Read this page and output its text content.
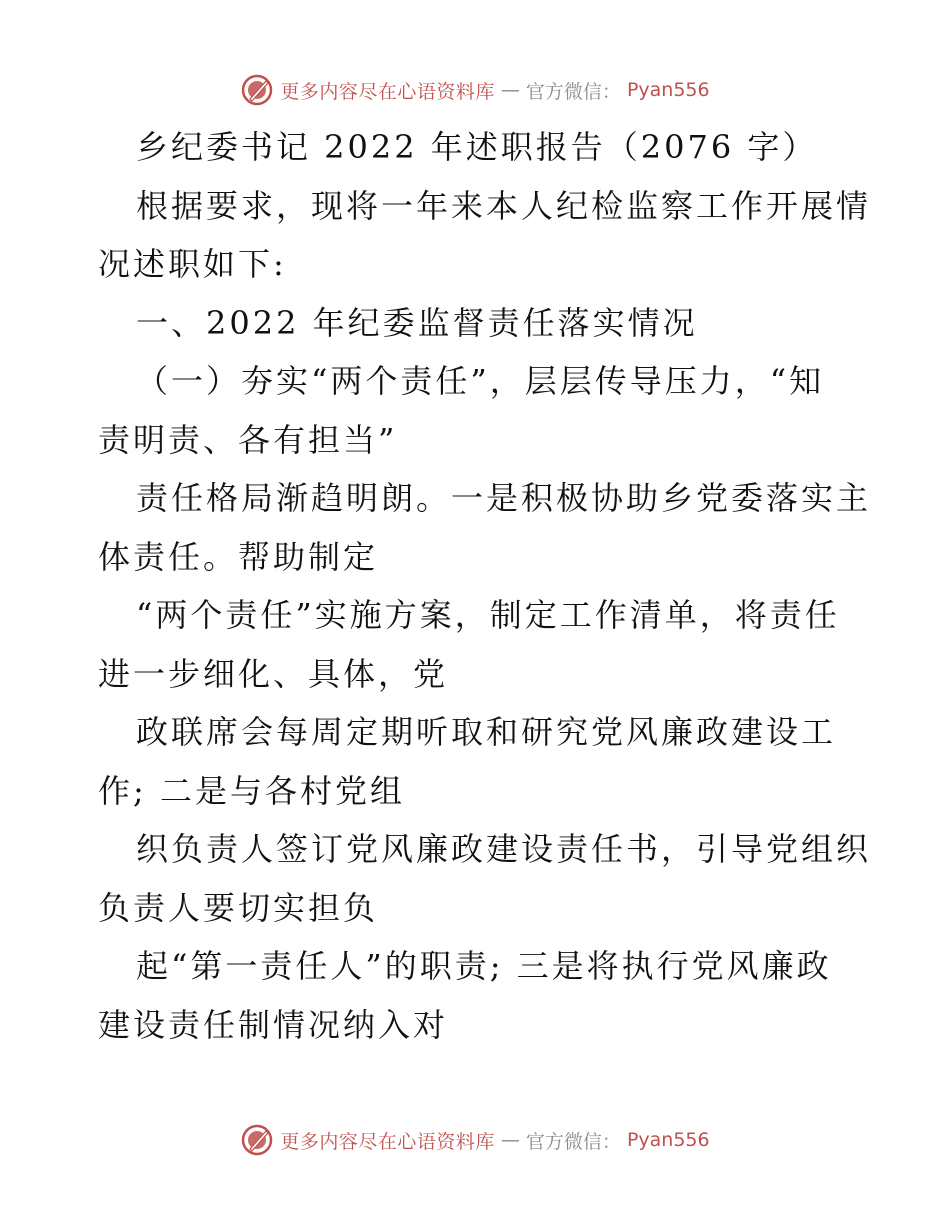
更多内容尽在心语资料库 — 官方微信： Pyan556
乡纪委书记 2022 年述职报告（2076 字）
根据要求，现将一年来本人纪检监察工作开展情
况述职如下:
一、2022 年纪委监督责任落实情况
（一）夯实“两个责任”，层层传导压力，“知
责明责、各有担当”
责任格局渐趋明朗。一是积极协助乡党委落实主
体责任。帮助制定
“两个责任”实施方案，制定工作清单，将责任
进一步细化、具体，党
政联席会每周定期听取和研究党风廉政建设工
作; 二是与各村党组
织负责人签订党风廉政建设责任书，引导党组织
负责人要切实担负
起“第一责任人”的职责; 三是将执行党风廉政
建设责任制情况纳入对
更多内容尽在心语资料库 — 官方微信： Pyan556
